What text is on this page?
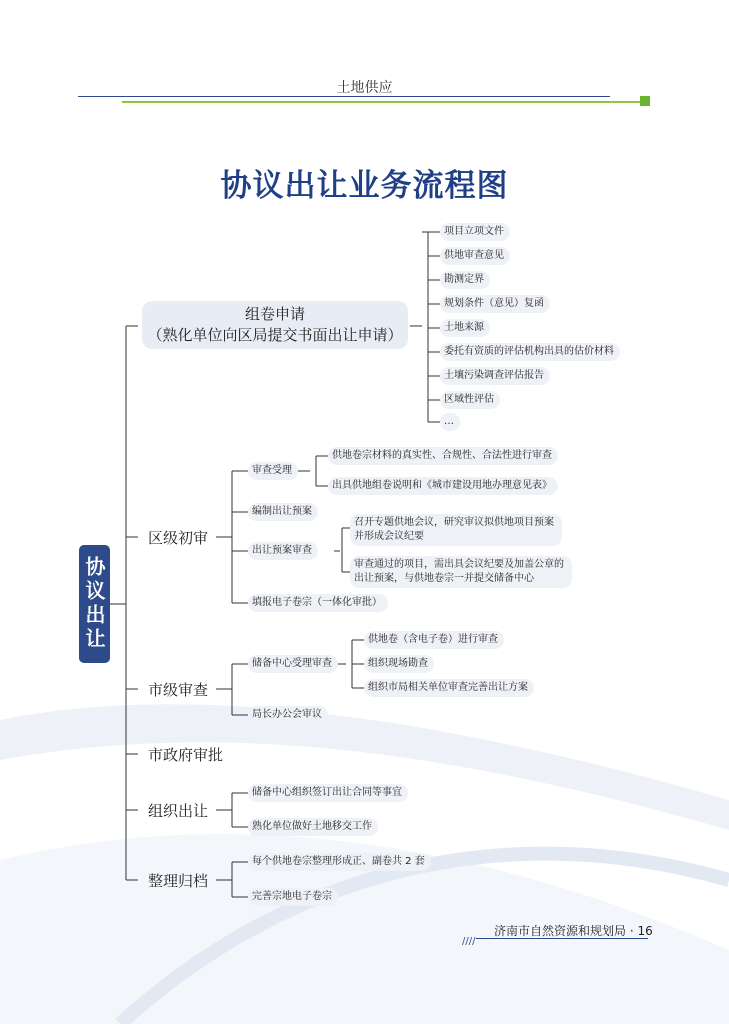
土地供应
协议出让业务流程图
协议出让
组卷申请
（熟化单位向区局提交书面出让申请）
项目立项文件
供地审查意见
勘测定界
规划条件（意见）复函
土地来源
委托有资质的评估机构出具的估价材料
土壤污染调查评估报告
区域性评估
…
区级初审
审查受理
供地卷宗材料的真实性、合规性、合法性进行审查
出具供地组卷说明和《城市建设用地办理意见表》
编制出让预案
出让预案审查
召开专题供地会议，研究审议拟供地项目预案
并形成会议纪要
审查通过的项目，需出具会议纪要及加盖公章的
出让预案，与供地卷宗一并提交储备中心
填报电子卷宗（一体化审批）
市级审查
储备中心受理审查
供地卷（含电子卷）进行审查
组织现场勘查
组织市局相关单位审查完善出让方案
局长办公会审议
市政府审批
组织出让
储备中心组织签订出让合同等事宜
熟化单位做好土地移交工作
整理归档
每个供地卷宗整理形成正、副卷共 2 套
完善宗地电子卷宗
////
济南市自然资源和规划局 · 16
